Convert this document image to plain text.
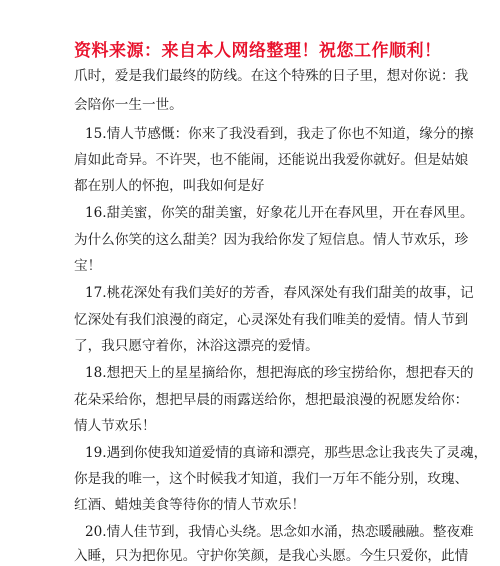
资料来源：来自本人网络整理！祝您工作顺利！
爪时，爱是我们最终的防线。在这个特殊的日子里，想对你说：我
会陪你一生一世。
15.情人节感慨：你来了我没看到，我走了你也不知道，缘分的擦
肩如此奇异。不许哭，也不能闹，还能说出我爱你就好。但是姑娘
都在别人的怀抱，叫我如何是好
16.甜美蜜，你笑的甜美蜜，好象花儿开在春风里，开在春风里。
为什么你笑的这么甜美？因为我给你发了短信息。情人节欢乐，珍
宝！
17.桃花深处有我们美好的芳香，春风深处有我们甜美的故事，记
忆深处有我们浪漫的商定，心灵深处有我们唯美的爱情。情人节到
了，我只愿守着你，沐浴这漂亮的爱情。
18.想把天上的星星摘给你，想把海底的珍宝捞给你，想把春天的
花朵采给你，想把早晨的雨露送给你，想把最浪漫的祝愿发给你：
情人节欢乐！
19.遇到你使我知道爱情的真谛和漂亮，那些思念让我丧失了灵魂，
你是我的唯一，这个时候我才知道，我们一万年不能分别，玫瑰、
红酒、蜡烛美食等待你的情人节欢乐！
20.情人佳节到，我情心头绕。思念如水涌，热恋暖融融。整夜难
入睡，只为把你见。守护你笑颜，是我心头愿。今生只爱你，此情
